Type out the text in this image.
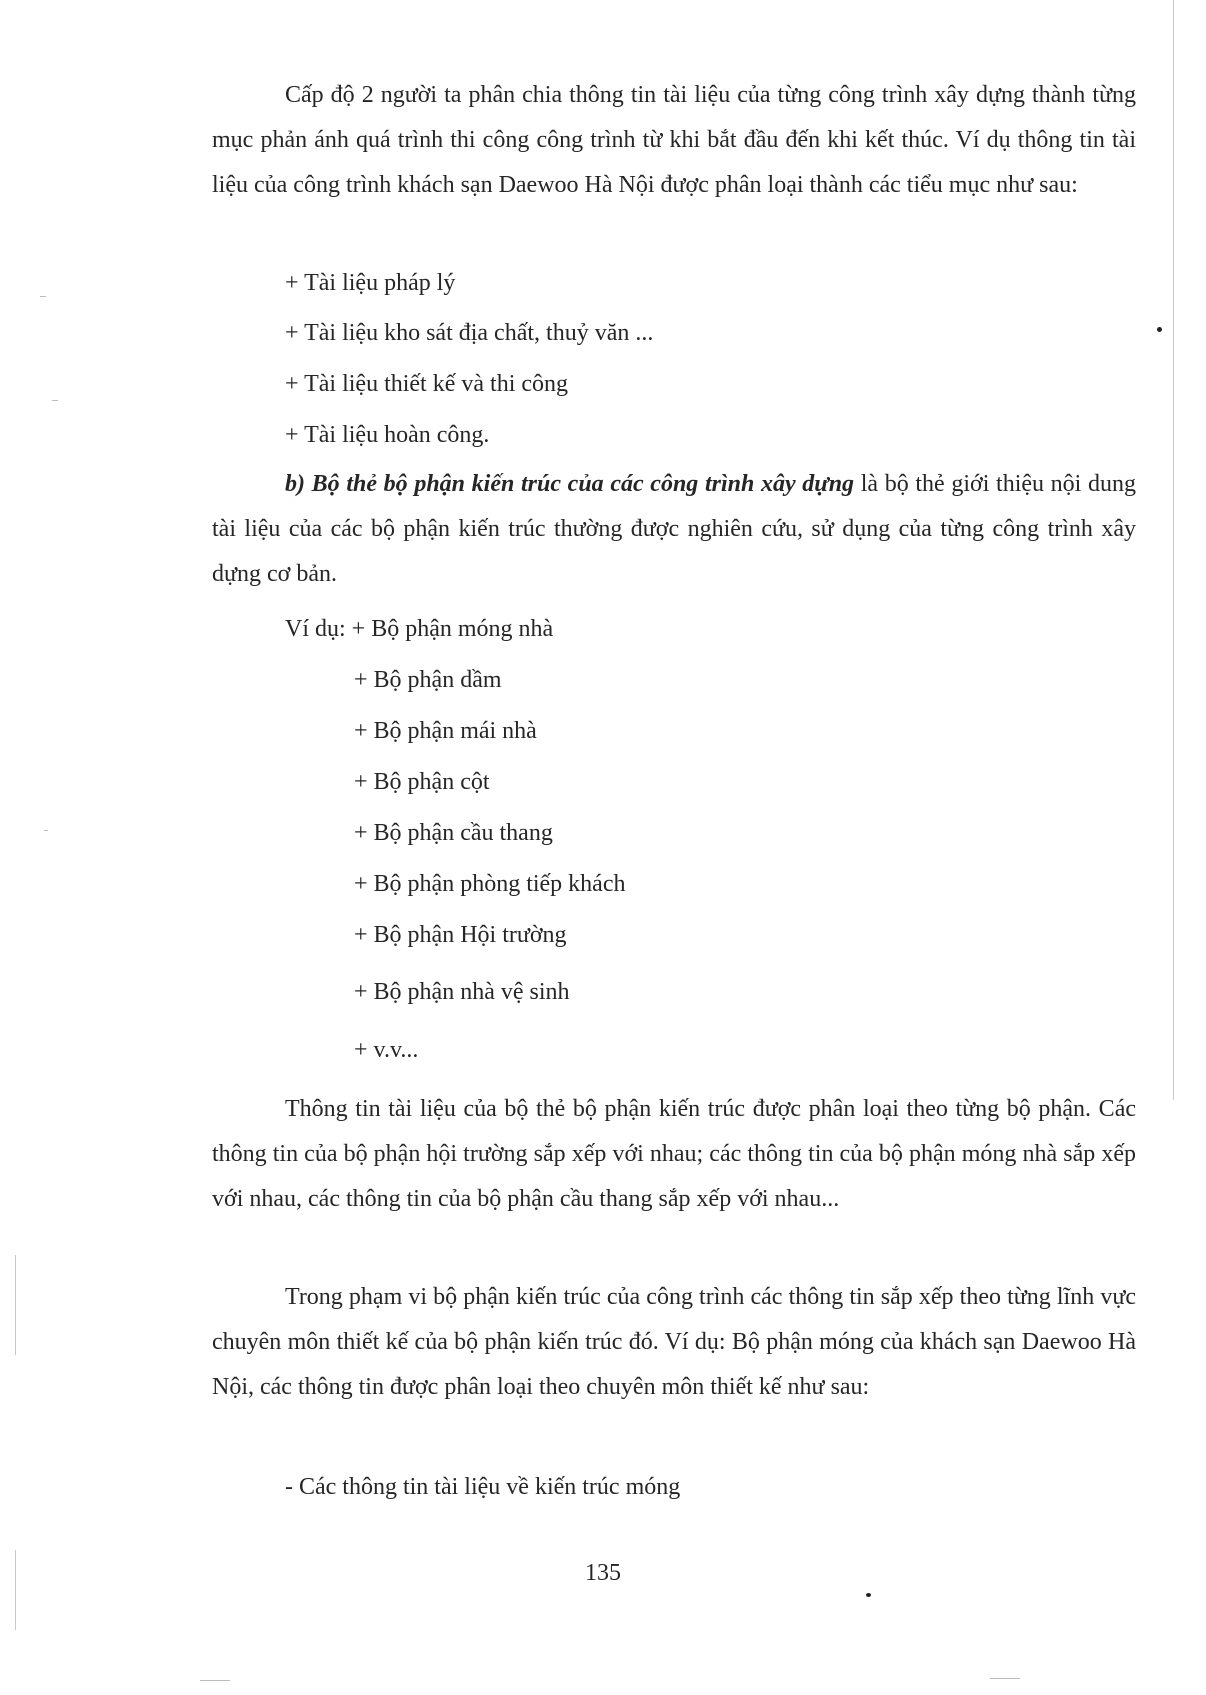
Cấp độ 2 người ta phân chia thông tin tài liệu của từng công trình xây dựng thành từng mục phản ánh quá trình thi công công trình từ khi bắt đầu đến khi kết thúc. Ví dụ thông tin tài liệu của công trình khách sạn Daewoo Hà Nội được phân loại thành các tiểu mục như sau:

+ Tài liệu pháp lý
+ Tài liệu kho sát địa chất, thuỷ văn ...
+ Tài liệu thiết kế và thi công
+ Tài liệu hoàn công.

b) Bộ thẻ bộ phận kiến trúc của các công trình xây dựng là bộ thẻ giới thiệu nội dung tài liệu của các bộ phận kiến trúc thường được nghiên cứu, sử dụng của từng công trình xây dựng cơ bản.

Ví dụ: + Bộ phận móng nhà
+ Bộ phận dầm
+ Bộ phận mái nhà
+ Bộ phận cột
+ Bộ phận cầu thang
+ Bộ phận phòng tiếp khách
+ Bộ phận Hội trường
+ Bộ phận nhà vệ sinh
+ v.v...

Thông tin tài liệu của bộ thẻ bộ phận kiến trúc được phân loại theo từng bộ phận. Các thông tin của bộ phận hội trường sắp xếp với nhau; các thông tin của bộ phận móng nhà sắp xếp với nhau, các thông tin của bộ phận cầu thang sắp xếp với nhau...

Trong phạm vi bộ phận kiến trúc của công trình các thông tin sắp xếp theo từng lĩnh vực chuyên môn thiết kế của bộ phận kiến trúc đó. Ví dụ: Bộ phận móng của khách sạn Daewoo Hà Nội, các thông tin được phân loại theo chuyên môn thiết kế như sau:

- Các thông tin tài liệu về kiến trúc móng
135
